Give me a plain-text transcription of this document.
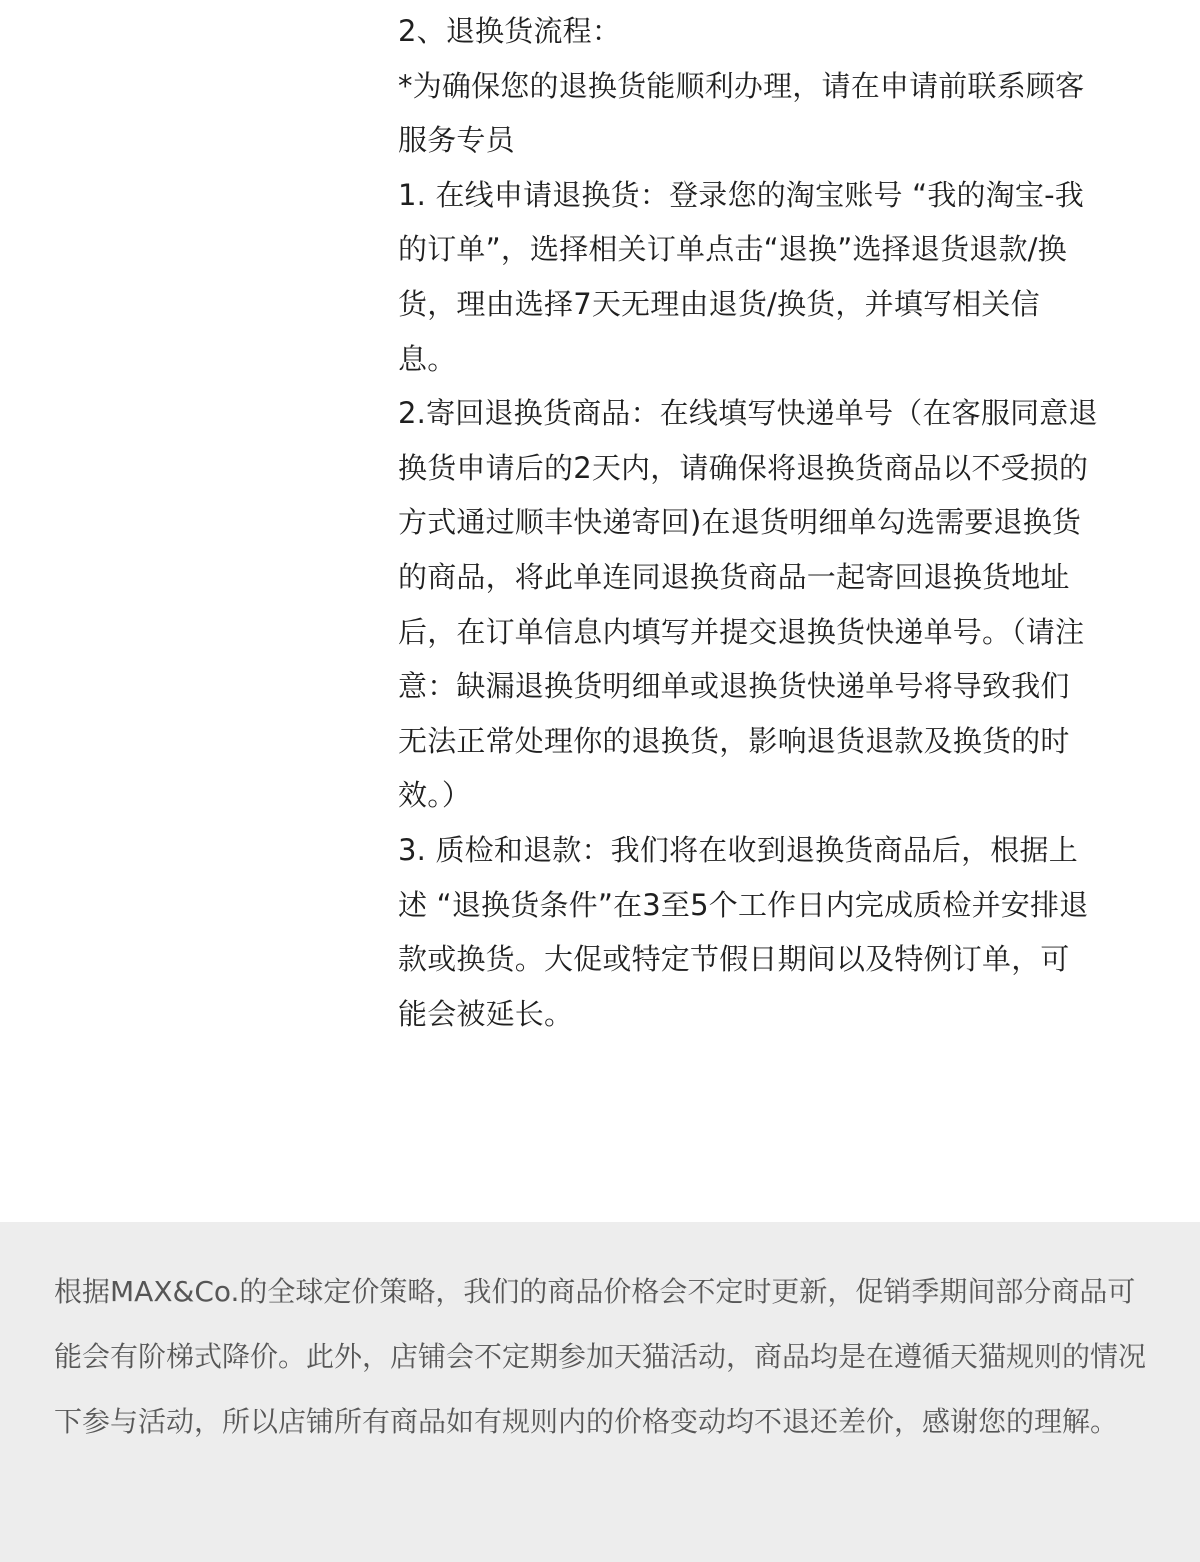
2、退换货流程：

*为确保您的退换货能顺利办理，请在申请前联系顾客服务专员

1. 在线申请退换货：登录您的淘宝账号 “我的淘宝-我的订单”，选择相关订单点击“退换”选择退货退款/换货，理由选择7天无理由退货/换货，并填写相关信息。

2.寄回退换货商品：在线填写快递单号（在客服同意退换货申请后的2天内，请确保将退换货商品以不受损的方式通过顺丰快递寄回)在退货明细单勾选需要退换货的商品，将此单连同退换货商品一起寄回退换货地址后，在订单信息内填写并提交退换货快递单号。（请注意：缺漏退换货明细单或退换货快递单号将导致我们无法正常处理你的退换货，影响退货退款及换货的时效。）

3. 质检和退款：我们将在收到退换货商品后，根据上述 “退换货条件”在3至5个工作日内完成质检并安排退款或换货。大促或特定节假日期间以及特例订单，可能会被延长。

根据MAX&Co.的全球定价策略，我们的商品价格会不定时更新，促销季期间部分商品可能会有阶梯式降价。此外，店铺会不定期参加天猫活动，商品均是在遵循天猫规则的情况下参与活动，所以店铺所有商品如有规则内的价格变动均不退还差价，感谢您的理解。
